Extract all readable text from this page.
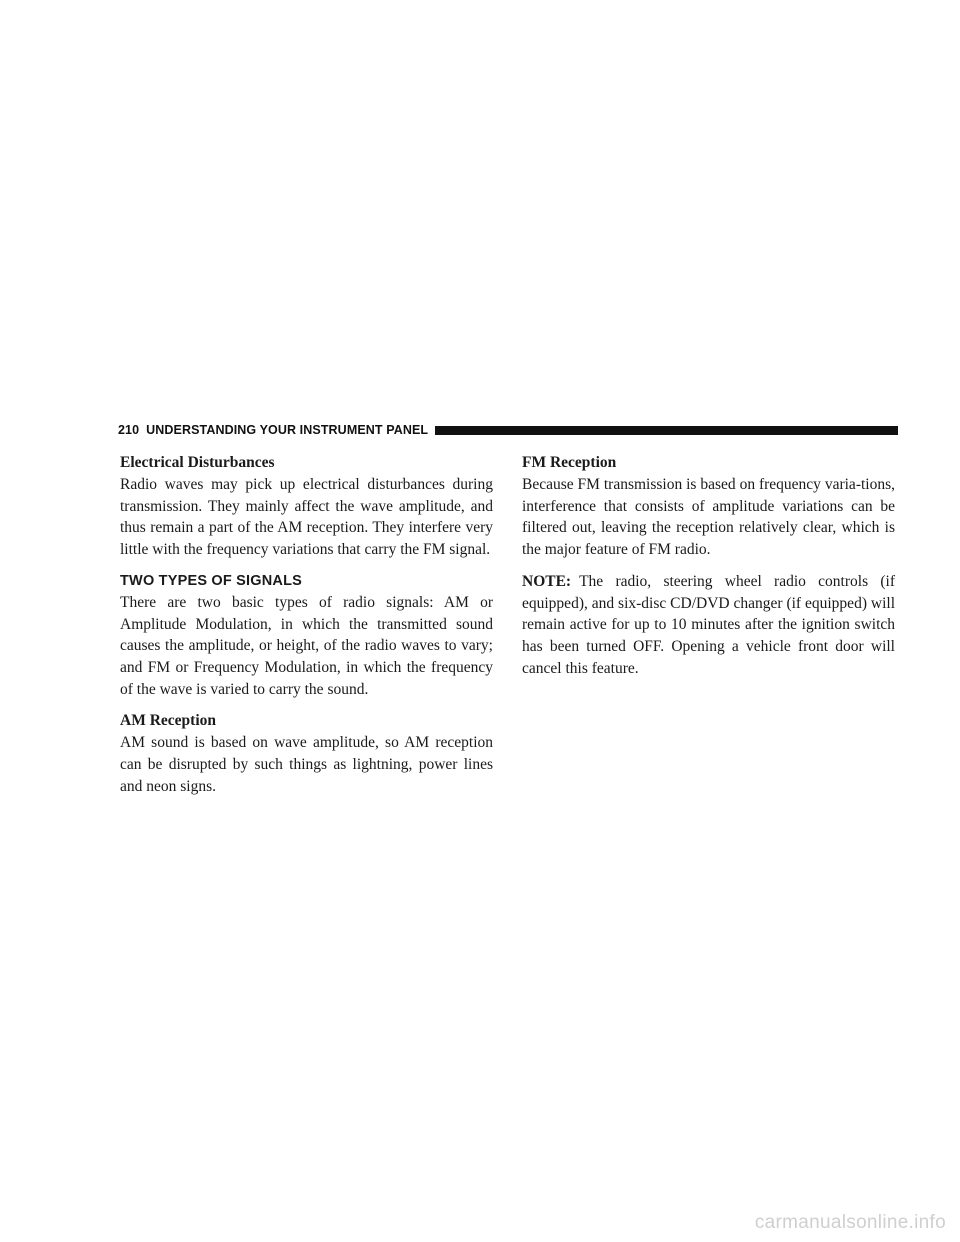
210 UNDERSTANDING YOUR INSTRUMENT PANEL
Electrical Disturbances

Radio waves may pick up electrical disturbances during transmission. They mainly affect the wave amplitude, and thus remain a part of the AM reception. They interfere very little with the frequency variations that carry the FM signal.

TWO TYPES OF SIGNALS

There are two basic types of radio signals: AM or Amplitude Modulation, in which the transmitted sound causes the amplitude, or height, of the radio waves to vary; and FM or Frequency Modulation, in which the frequency of the wave is varied to carry the sound.

AM Reception

AM sound is based on wave amplitude, so AM reception can be disrupted by such things as lightning, power lines and neon signs.

FM Reception

Because FM transmission is based on frequency varia-tions, interference that consists of amplitude variations can be filtered out, leaving the reception relatively clear, which is the major feature of FM radio.

NOTE: The radio, steering wheel radio controls (if equipped), and six-disc CD/DVD changer (if equipped) will remain active for up to 10 minutes after the ignition switch has been turned OFF. Opening a vehicle front door will cancel this feature.

carmanualsonline.info
